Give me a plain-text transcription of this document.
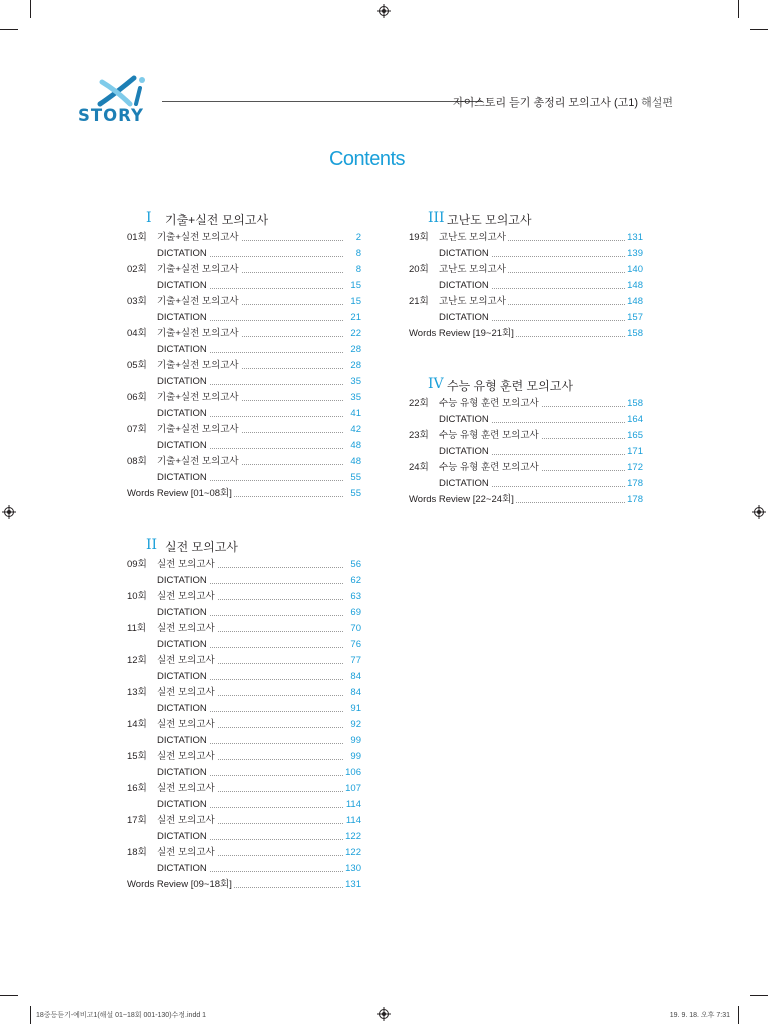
STORY
자이스토리 듣기 총정리 모의고사 (고1) 해설편
Contents
I 기출+실전 모의고사
01회 기출+실전 모의고사	2
DICTATION	8
02회 기출+실전 모의고사	8
DICTATION	15
03회 기출+실전 모의고사	15
DICTATION	21
04회 기출+실전 모의고사	22
DICTATION	28
05회 기출+실전 모의고사	28
DICTATION	35
06회 기출+실전 모의고사	35
DICTATION	41
07회 기출+실전 모의고사	42
DICTATION	48
08회 기출+실전 모의고사	48
DICTATION	55
Words Review [01~08회]	55
II 실전 모의고사
09회 실전 모의고사	56
DICTATION	62
10회 실전 모의고사	63
DICTATION	69
11회 실전 모의고사	70
DICTATION	76
12회 실전 모의고사	77
DICTATION	84
13회 실전 모의고사	84
DICTATION	91
14회 실전 모의고사	92
DICTATION	99
15회 실전 모의고사	99
DICTATION	106
16회 실전 모의고사	107
DICTATION	114
17회 실전 모의고사	114
DICTATION	122
18회 실전 모의고사	122
DICTATION	130
Words Review [09~18회]	131
III 고난도 모의고사
19회 고난도 모의고사	131
DICTATION	139
20회 고난도 모의고사	140
DICTATION	148
21회 고난도 모의고사	148
DICTATION	157
Words Review [19~21회]	158
IV 수능 유형 훈련 모의고사
22회 수능 유형 훈련 모의고사	158
DICTATION	164
23회 수능 유형 훈련 모의고사	165
DICTATION	171
24회 수능 유형 훈련 모의고사	172
DICTATION	178
Words Review [22~24회]	178
18중등듣기-예비고1(해설 01~18회 001-130)수정.indd 1	19. 9. 18. 오후 7:31
